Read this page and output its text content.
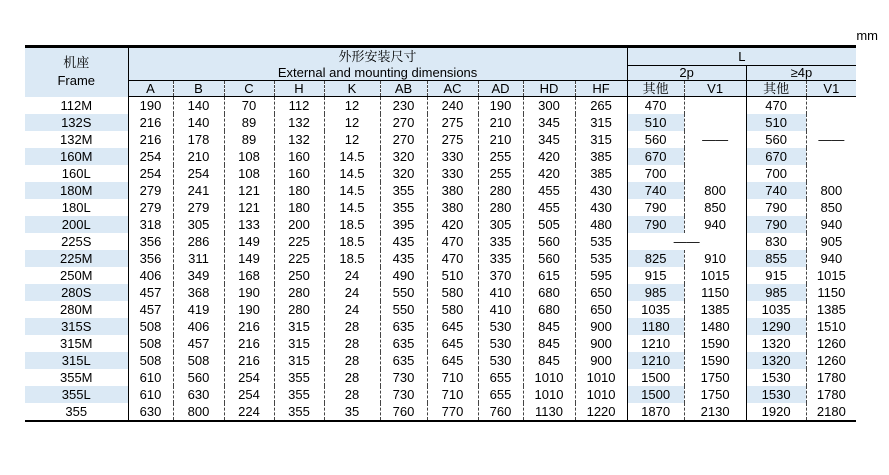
mm
机座
Frame	外形安装尺寸										L			
	External and mounting dimensions										2p		≥4p	
	A	B	C	H	K	AB	AC	AD	HD	HF	其他	V1	其他	V1
112M	190	140	70	112	12	230	240	190	300	265	470		470	
132S	216	140	89	132	12	270	275	210	345	315	510		510	
132M	216	178	89	132	12	270	275	210	345	315	560	——	560	——
160M	254	210	108	160	14.5	320	330	255	420	385	670		670	
160L	254	254	108	160	14.5	320	330	255	420	385	700		700	
180M	279	241	121	180	14.5	355	380	280	455	430	740	800	740	800
180L	279	279	121	180	14.5	355	380	280	455	430	790	850	790	850
200L	318	305	133	200	18.5	395	420	305	505	480	790	940	790	940
225S	356	286	149	225	18.5	435	470	335	560	535	——		830	905
225M	356	311	149	225	18.5	435	470	335	560	535	825	910	855	940
250M	406	349	168	250	24	490	510	370	615	595	915	1015	915	1015
280S	457	368	190	280	24	550	580	410	680	650	985	1150	985	1150
280M	457	419	190	280	24	550	580	410	680	650	1035	1385	1035	1385
315S	508	406	216	315	28	635	645	530	845	900	1180	1480	1290	1510
315M	508	457	216	315	28	635	645	530	845	900	1210	1590	1320	1260
315L	508	508	216	315	28	635	645	530	845	900	1210	1590	1320	1260
355M	610	560	254	355	28	730	710	655	1010	1010	1500	1750	1530	1780
355L	610	630	254	355	28	730	710	655	1010	1010	1500	1750	1530	1780
355	630	800	224	355	35	760	770	760	1130	1220	1870	2130	1920	2180
